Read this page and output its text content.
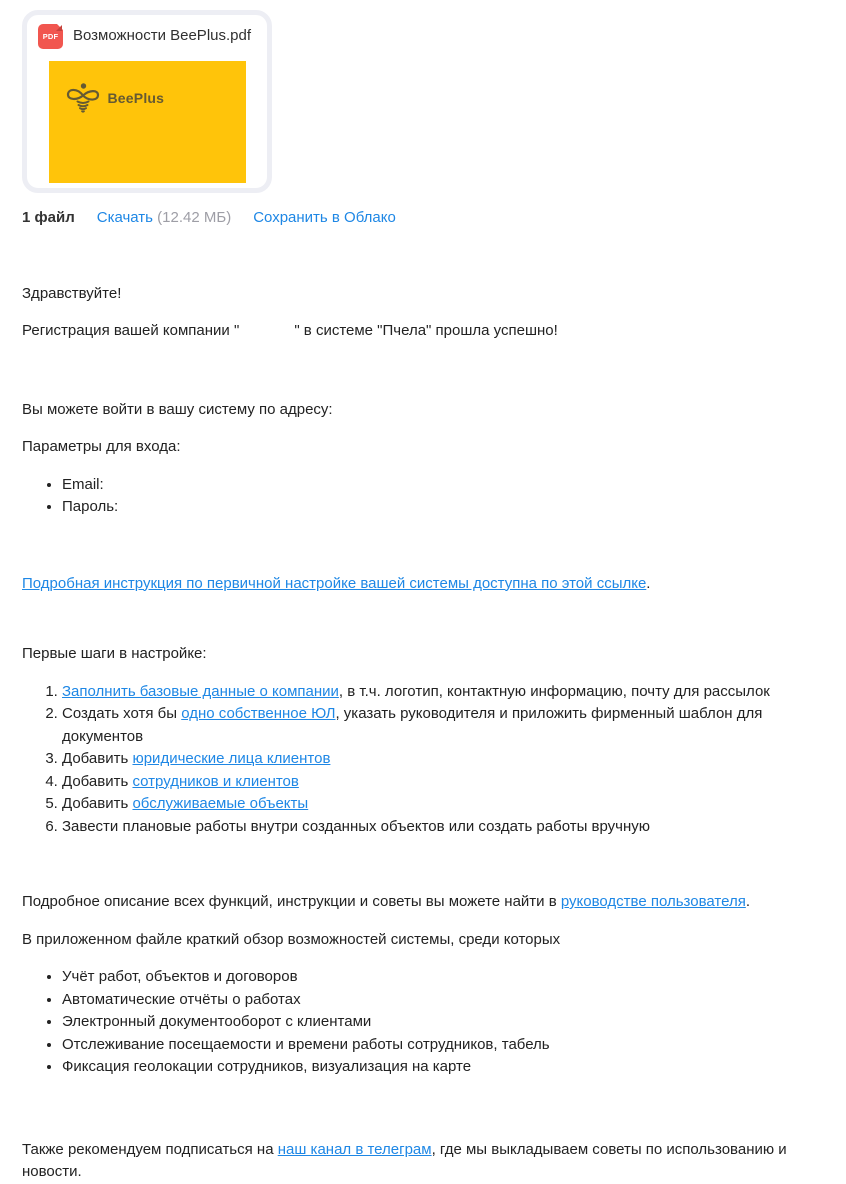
PDF Возможности BeePlus.pdf
BeePlus
1 файл Скачать (12.42 МБ) Сохранить в Облако

Здравствуйте!

Регистрация вашей компании "	" в системе "Пчела" прошла успешно!

Вы можете войти в вашу систему по адресу:

Параметры для входа:

• Email:
• Пароль:

Подробная инструкция по первичной настройке вашей системы доступна по этой ссылке.

Первые шаги в настройке:

1. Заполнить базовые данные о компании, в т.ч. логотип, контактную информацию, почту для рассылок
2. Создать хотя бы одно собственное ЮЛ, указать руководителя и приложить фирменный шаблон для документов
3. Добавить юридические лица клиентов
4. Добавить сотрудников и клиентов
5. Добавить обслуживаемые объекты
6. Завести плановые работы внутри созданных объектов или создать работы вручную

Подробное описание всех функций, инструкции и советы вы можете найти в руководстве пользователя.

В приложенном файле краткий обзор возможностей системы, среди которых

• Учёт работ, объектов и договоров
• Автоматические отчёты о работах
• Электронный документооборот с клиентами
• Отслеживание посещаемости и времени работы сотрудников, табель
• Фиксация геолокации сотрудников, визуализация на карте

Также рекомендуем подписаться на наш канал в телеграм, где мы выкладываем советы по использованию и новости.
